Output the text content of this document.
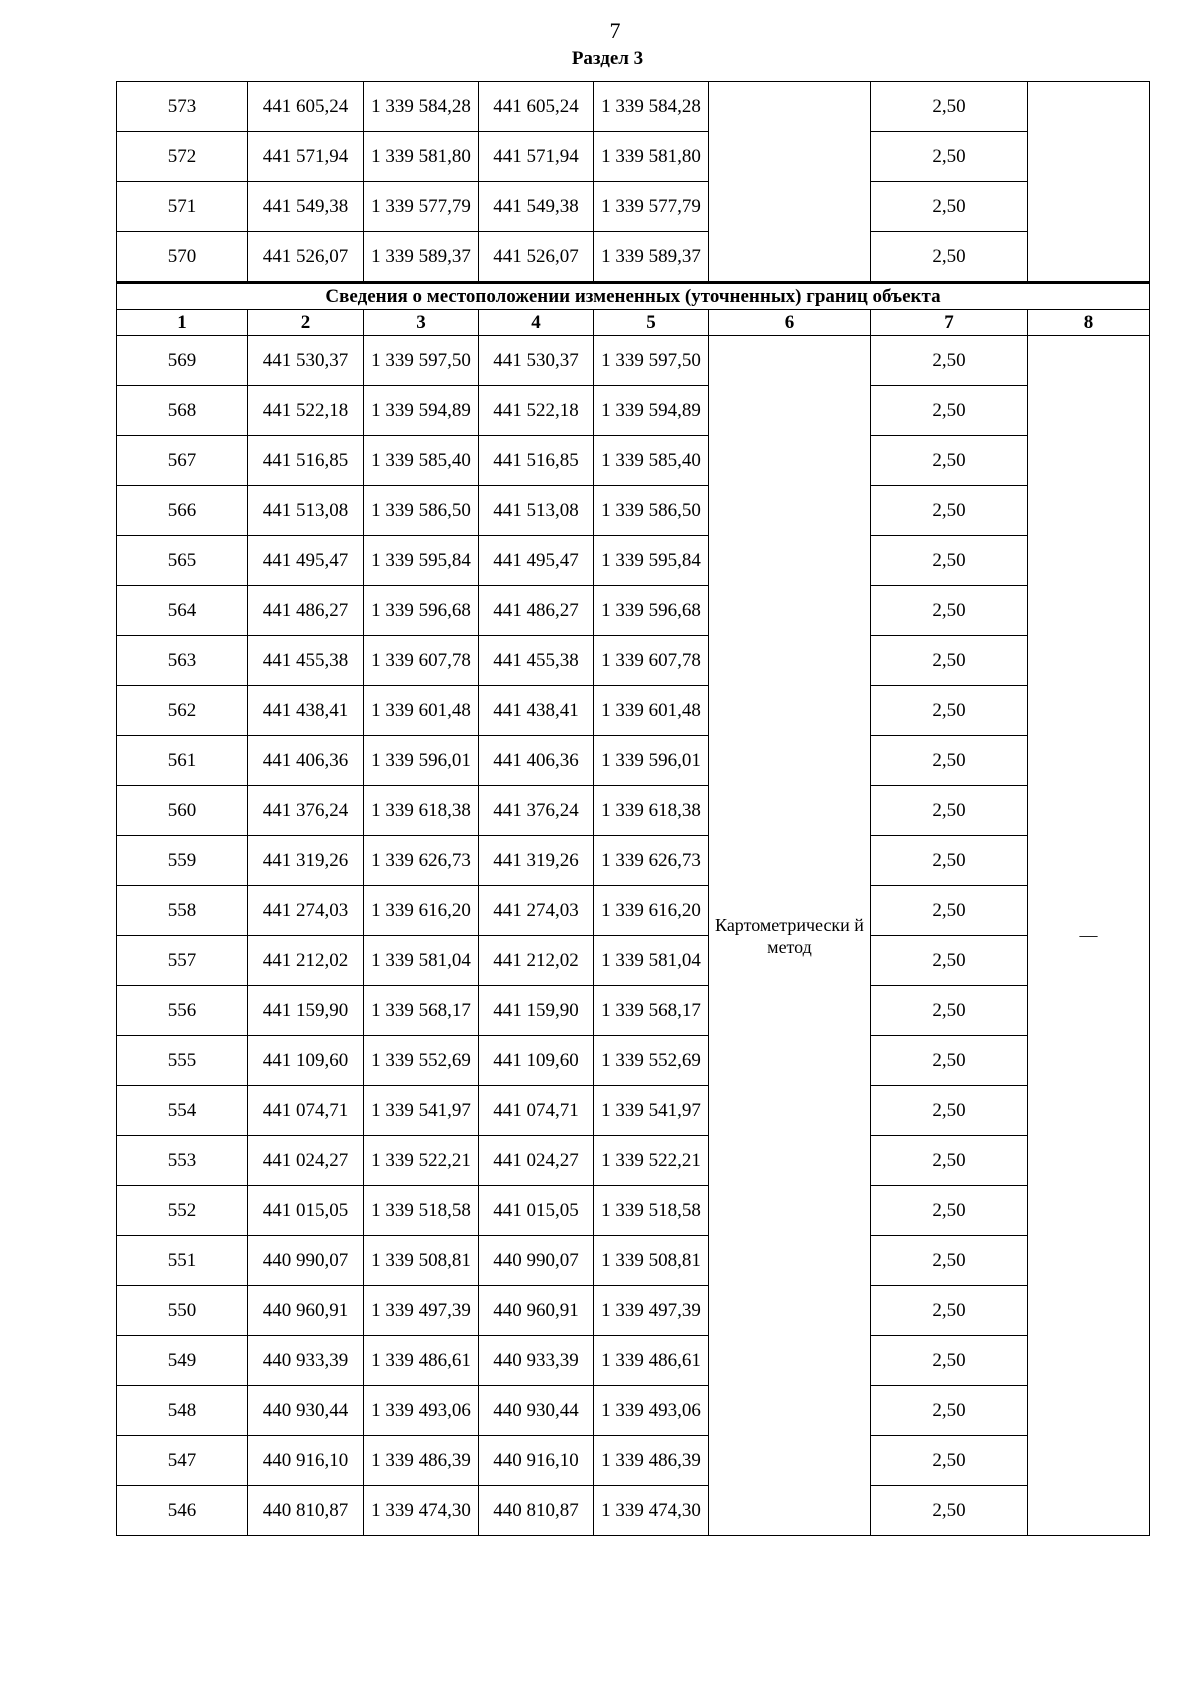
7
Раздел 3
573	441 605,24	1 339 584,28	441 605,24	1 339 584,28		2,50	
572	441 571,94	1 339 581,80	441 571,94	1 339 581,80		2,50	
571	441 549,38	1 339 577,79	441 549,38	1 339 577,79		2,50	
570	441 526,07	1 339 589,37	441 526,07	1 339 589,37		2,50	
Сведения о местоположении измененных (уточненных) границ объекта							
1	2	3	4	5	6	7	8
569	441 530,37	1 339 597,50	441 530,37	1 339 597,50	Картометрически й метод	2,50	—
568	441 522,18	1 339 594,89	441 522,18	1 339 594,89		2,50	
567	441 516,85	1 339 585,40	441 516,85	1 339 585,40		2,50	
566	441 513,08	1 339 586,50	441 513,08	1 339 586,50		2,50	
565	441 495,47	1 339 595,84	441 495,47	1 339 595,84		2,50	
564	441 486,27	1 339 596,68	441 486,27	1 339 596,68		2,50	
563	441 455,38	1 339 607,78	441 455,38	1 339 607,78		2,50	
562	441 438,41	1 339 601,48	441 438,41	1 339 601,48		2,50	
561	441 406,36	1 339 596,01	441 406,36	1 339 596,01		2,50	
560	441 376,24	1 339 618,38	441 376,24	1 339 618,38		2,50	
559	441 319,26	1 339 626,73	441 319,26	1 339 626,73		2,50	
558	441 274,03	1 339 616,20	441 274,03	1 339 616,20		2,50	
557	441 212,02	1 339 581,04	441 212,02	1 339 581,04		2,50	
556	441 159,90	1 339 568,17	441 159,90	1 339 568,17		2,50	
555	441 109,60	1 339 552,69	441 109,60	1 339 552,69		2,50	
554	441 074,71	1 339 541,97	441 074,71	1 339 541,97		2,50	
553	441 024,27	1 339 522,21	441 024,27	1 339 522,21		2,50	
552	441 015,05	1 339 518,58	441 015,05	1 339 518,58		2,50	
551	440 990,07	1 339 508,81	440 990,07	1 339 508,81		2,50	
550	440 960,91	1 339 497,39	440 960,91	1 339 497,39		2,50	
549	440 933,39	1 339 486,61	440 933,39	1 339 486,61		2,50	
548	440 930,44	1 339 493,06	440 930,44	1 339 493,06		2,50	
547	440 916,10	1 339 486,39	440 916,10	1 339 486,39		2,50	
546	440 810,87	1 339 474,30	440 810,87	1 339 474,30		2,50	
